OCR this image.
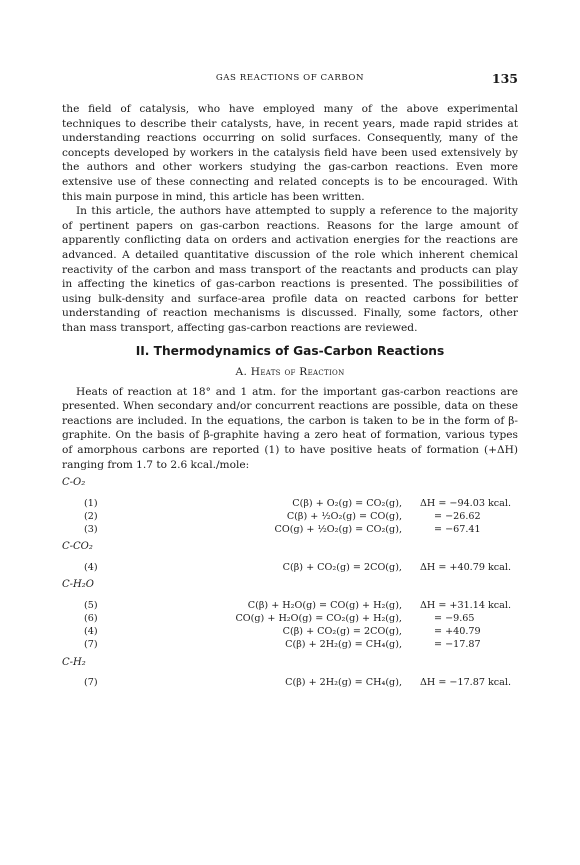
GAS REACTIONS OF CARBON	135

the field of catalysis, who have employed many of the above experimental techniques to describe their catalysts, have, in recent years, made rapid strides at understanding reactions occurring on solid surfaces. Consequently, many of the concepts developed by workers in the catalysis field have been used extensively by the authors and other workers studying the gas-carbon reactions. Even more extensive use of these connecting and related concepts is to be encouraged. With this main purpose in mind, this article has been written.

In this article, the authors have attempted to supply a reference to the majority of pertinent papers on gas-carbon reactions. Reasons for the large amount of apparently conflicting data on orders and activation energies for the reactions are advanced. A detailed quantitative discussion of the role which inherent chemical reactivity of the carbon and mass transport of the reactants and products can play in affecting the kinetics of gas-carbon reactions is presented. The possibilities of using bulk-density and surface-area profile data on reacted carbons for better understanding of reaction mechanisms is discussed. Finally, some factors, other than mass transport, affecting gas-carbon reactions are reviewed.

II. Thermodynamics of Gas-Carbon Reactions
A. Heats of Reaction

Heats of reaction at 18° and 1 atm. for the important gas-carbon reactions are presented. When secondary and/or concurrent reactions are possible, data on these reactions are included. In the equations, the carbon is taken to be in the form of β-graphite. On the basis of β-graphite having a zero heat of formation, various types of amorphous carbons are reported (1) to have positive heats of formation (+ΔH) ranging from 1.7 to 2.6 kcal./mole:

C-O₂
(1)	C(β) + O₂(g) = CO₂(g), ΔH = −94.03 kcal.
(2)	C(β) + ½O₂(g) = CO(g),	= −26.62
(3)	CO(g) + ½O₂(g) = CO₂(g),	= −67.41
C-CO₂
(4)	C(β) + CO₂(g) = 2CO(g), ΔH = +40.79 kcal.
C-H₂O
(5)	C(β) + H₂O(g) = CO(g) + H₂(g), ΔH = +31.14 kcal.
(6)	CO(g) + H₂O(g) = CO₂(g) + H₂(g),	= −9.65
(4)	C(β) + CO₂(g) = 2CO(g),	= +40.79
(7)	C(β) + 2H₂(g) = CH₄(g),	= −17.87
C-H₂
(7)	C(β) + 2H₂(g) = CH₄(g), ΔH = −17.87 kcal.
